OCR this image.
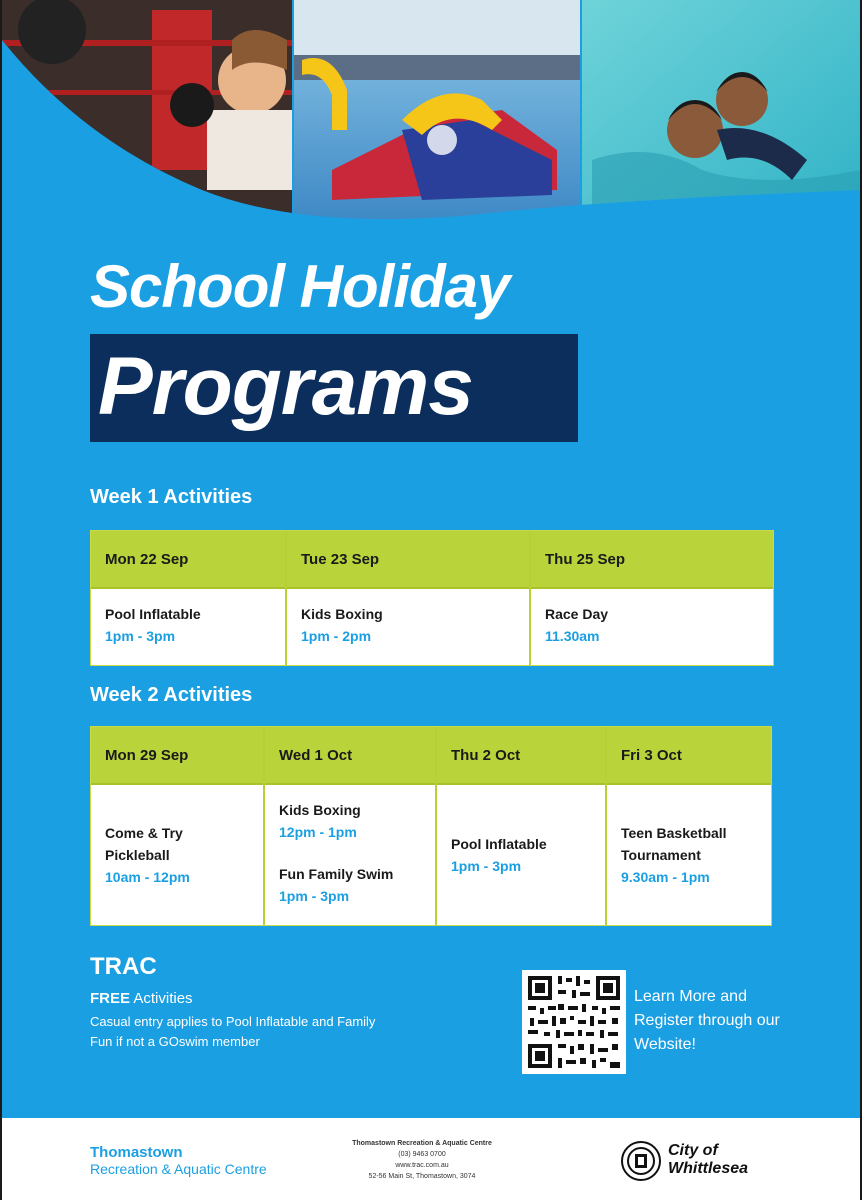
School Holiday
Programs
Week 1 Activities
Mon 22 Sep
Pool Inflatable
1pm - 3pm
Tue 23 Sep
Kids Boxing
1pm - 2pm
Thu 25 Sep
Race Day
11.30am
Week 2 Activities
Mon 29 Sep
Come & Try Pickleball
10am - 12pm
Wed 1 Oct
Kids Boxing
12pm - 1pm
Fun Family Swim
1pm - 3pm
Thu 2 Oct
Pool Inflatable
1pm - 3pm
Fri 3 Oct
Teen Basketball Tournament
9.30am - 1pm
TRAC
FREE Activities
Casual entry applies to Pool Inflatable and Family Fun if not a GOswim member
Learn More and Register through our Website!
Thomastown
Recreation & Aquatic Centre
Thomastown Recreation & Aquatic Centre
(03) 9463 0700
www.trac.com.au
52-56 Main St, Thomastown, 3074
City of
Whittlesea
